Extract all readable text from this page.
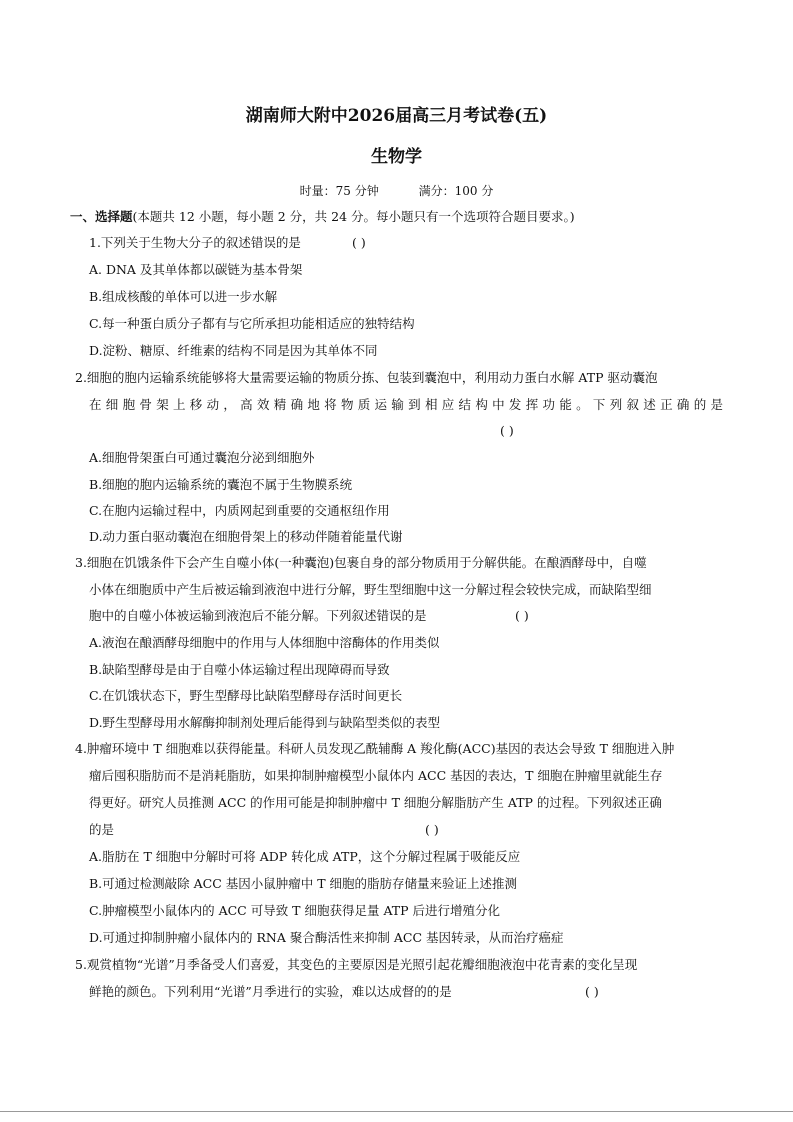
湖南师大附中2026届高三月考试卷(五)
生物学
时量：75 分钟	满分：100 分
一、选择题(本题共 12 小题，每小题 2 分，共 24 分。每小题只有一个选项符合题目要求。)
1.下列关于生物大分子的叙述错误的是	( )
A. DNA 及其单体都以碳链为基本骨架
B.组成核酸的单体可以进一步水解
C.每一种蛋白质分子都有与它所承担功能相适应的独特结构
D.淀粉、糖原、纤维素的结构不同是因为其单体不同
2.细胞的胞内运输系统能够将大量需要运输的物质分拣、包装到囊泡中，利用动力蛋白水解 ATP 驱动囊泡
在细胞骨架上移动，高效精确地将物质运输到相应结构中发挥功能。下列叙述正确的是
( )
A.细胞骨架蛋白可通过囊泡分泌到细胞外
B.细胞的胞内运输系统的囊泡不属于生物膜系统
C.在胞内运输过程中，内质网起到重要的交通枢纽作用
D.动力蛋白驱动囊泡在细胞骨架上的移动伴随着能量代谢
3.细胞在饥饿条件下会产生自噬小体(一种囊泡)包裹自身的部分物质用于分解供能。在酿酒酵母中，自噬
小体在细胞质中产生后被运输到液泡中进行分解，野生型细胞中这一分解过程会较快完成，而缺陷型细
胞中的自噬小体被运输到液泡后不能分解。下列叙述错误的是	( )
A.液泡在酿酒酵母细胞中的作用与人体细胞中溶酶体的作用类似
B.缺陷型酵母是由于自噬小体运输过程出现障碍而导致
C.在饥饿状态下，野生型酵母比缺陷型酵母存活时间更长
D.野生型酵母用水解酶抑制剂处理后能得到与缺陷型类似的表型
4.肿瘤环境中 T 细胞难以获得能量。科研人员发现乙酰辅酶 A 羧化酶(ACC)基因的表达会导致 T 细胞进入肿
瘤后囤积脂肪而不是消耗脂肪，如果抑制肿瘤模型小鼠体内 ACC 基因的表达，T 细胞在肿瘤里就能生存
得更好。研究人员推测 ACC 的作用可能是抑制肿瘤中 T 细胞分解脂肪产生 ATP 的过程。下列叙述正确
的是	( )
A.脂肪在 T 细胞中分解时可将 ADP 转化成 ATP，这个分解过程属于吸能反应
B.可通过检测敲除 ACC 基因小鼠肿瘤中 T 细胞的脂肪存储量来验证上述推测
C.肿瘤模型小鼠体内的 ACC 可导致 T 细胞获得足量 ATP 后进行增殖分化
D.可通过抑制肿瘤小鼠体内的 RNA 聚合酶活性来抑制 ACC 基因转录，从而治疗癌症
5.观赏植物“光谱”月季备受人们喜爱，其变色的主要原因是光照引起花瓣细胞液泡中花青素的变化呈现
鲜艳的颜色。下列利用“光谱”月季进行的实验，难以达成督的的是	( )
